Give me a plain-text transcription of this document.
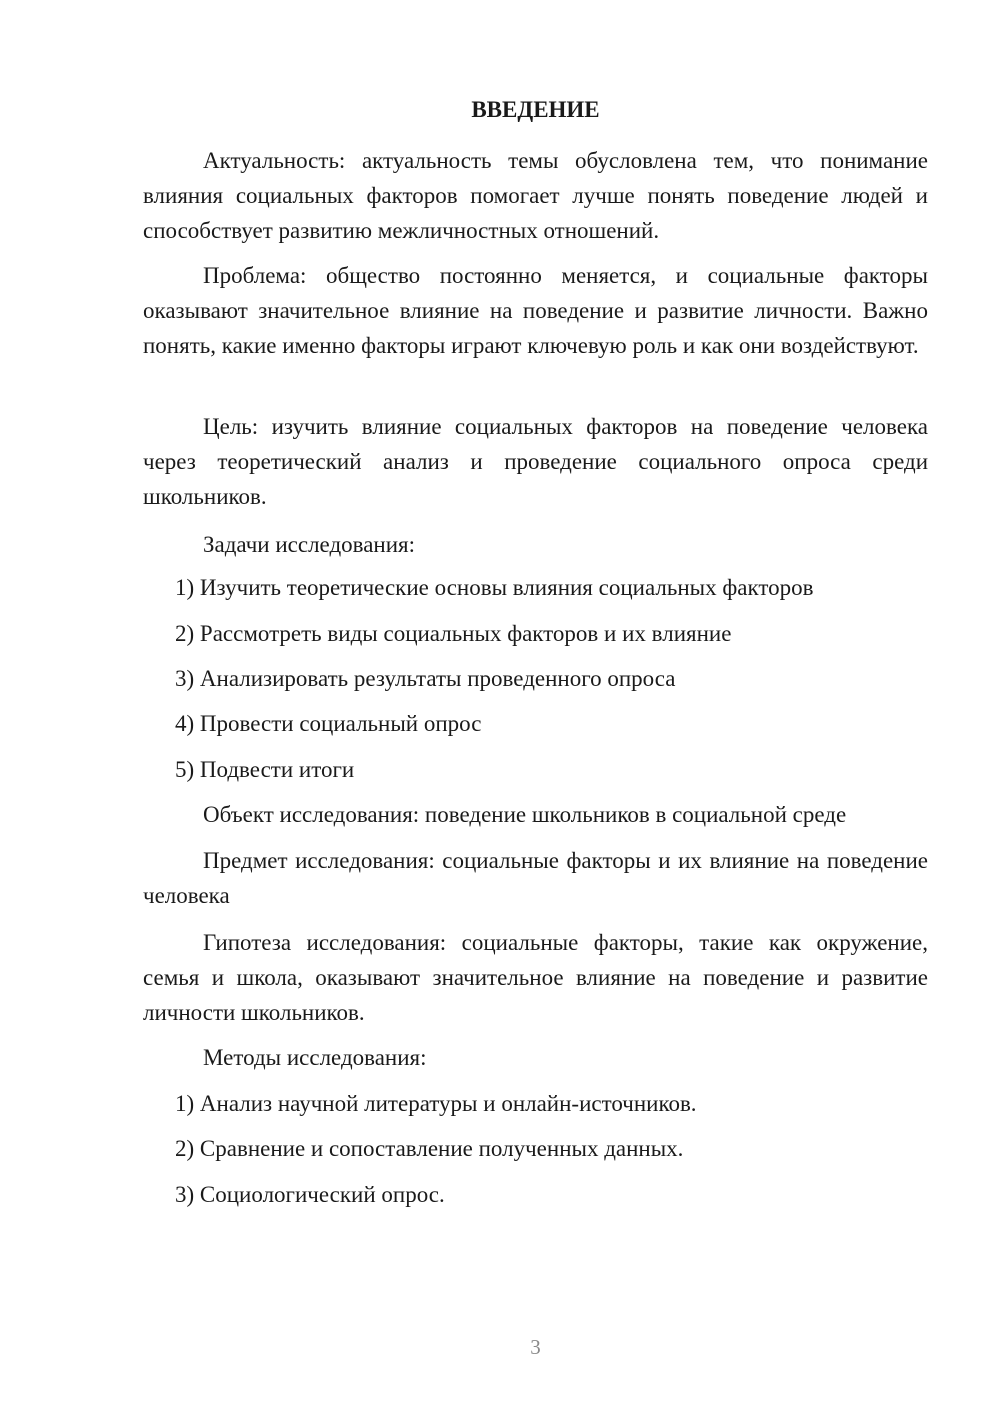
ВВЕДЕНИЕ

Актуальность: актуальность темы обусловлена тем, что понимание влияния социальных факторов помогает лучше понять поведение людей и способствует развитию межличностных отношений.

Проблема: общество постоянно меняется, и социальные факторы оказывают значительное влияние на поведение и развитие личности. Важно понять, какие именно факторы играют ключевую роль и как они воздействуют.

Цель: изучить влияние социальных факторов на поведение человека через теоретический анализ и проведение социального опроса среди школьников.

Задачи исследования:

1) Изучить теоретические основы влияния социальных факторов

2) Рассмотреть виды социальных факторов и их влияние

3) Анализировать результаты проведенного опроса

4) Провести социальный опрос

5) Подвести итоги

Объект исследования: поведение школьников в социальной среде

Предмет исследования: социальные факторы и их влияние на поведение человека

Гипотеза исследования: социальные факторы, такие как окружение, семья и школа, оказывают значительное влияние на поведение и развитие личности школьников.

Методы исследования:

1) Анализ научной литературы и онлайн-источников.

2) Сравнение и сопоставление полученных данных.

3) Социологический опрос.

3
